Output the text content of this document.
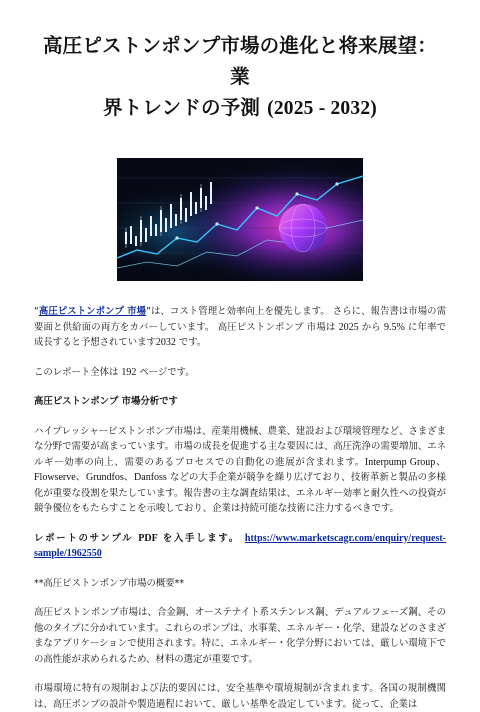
高圧ピストンポンプ市場の進化と将来展望：業
界トレンドの予測 (2025 - 2032)

“高圧ピストンポンプ 市場”は、コスト管理と効率向上を優先します。 さらに、報告書は市場の需要面と供給面の両方をカバーしています。 高圧ピストンポンプ 市場は 2025 から 9.5% に年率で成長すると予想されています2032 です。

このレポート全体は 192 ページです。

高圧ピストンポンプ 市場分析です

ハイプレッシャーピストンポンプ市場は、産業用機械、農業、建設および環境管理など、さまざまな分野で需要が高まっています。市場の成長を促進する主な要因には、高圧洗浄の需要増加、エネルギー効率の向上、需要のあるプロセスでの自動化の進展が含まれます。Interpump Group、Flowserve、Grundfos、Danfoss などの大手企業が競争を繰り広げており、技術革新と製品の多様化が重要な役割を果たしています。報告書の主な調査結果は、エネルギー効率と耐久性への投資が競争優位をもたらすことを示唆しており、企業は持続可能な技術に注力するべきです。

レポートのサンプル PDF を入手します。 https://www.marketscagr.com/enquiry/request-sample/1962550

**高圧ピストンポンプ市場の概要**

高圧ピストンポンプ市場は、合金鋼、オーステナイト系ステンレス鋼、デュアルフェーズ鋼、その他のタイプに分かれています。これらのポンプは、水事業、エネルギー・化学、建設などのさまざまなアプリケーションで使用されます。特に、エネルギー・化学分野においては、厳しい環境下での高性能が求められるため、材料の選定が重要です。

市場環境に特有の規制および法的要因には、安全基準や環境規制が含まれます。各国の規制機関は、高圧ポンプの設計や製造過程において、厳しい基準を設定しています。従って、企業は
